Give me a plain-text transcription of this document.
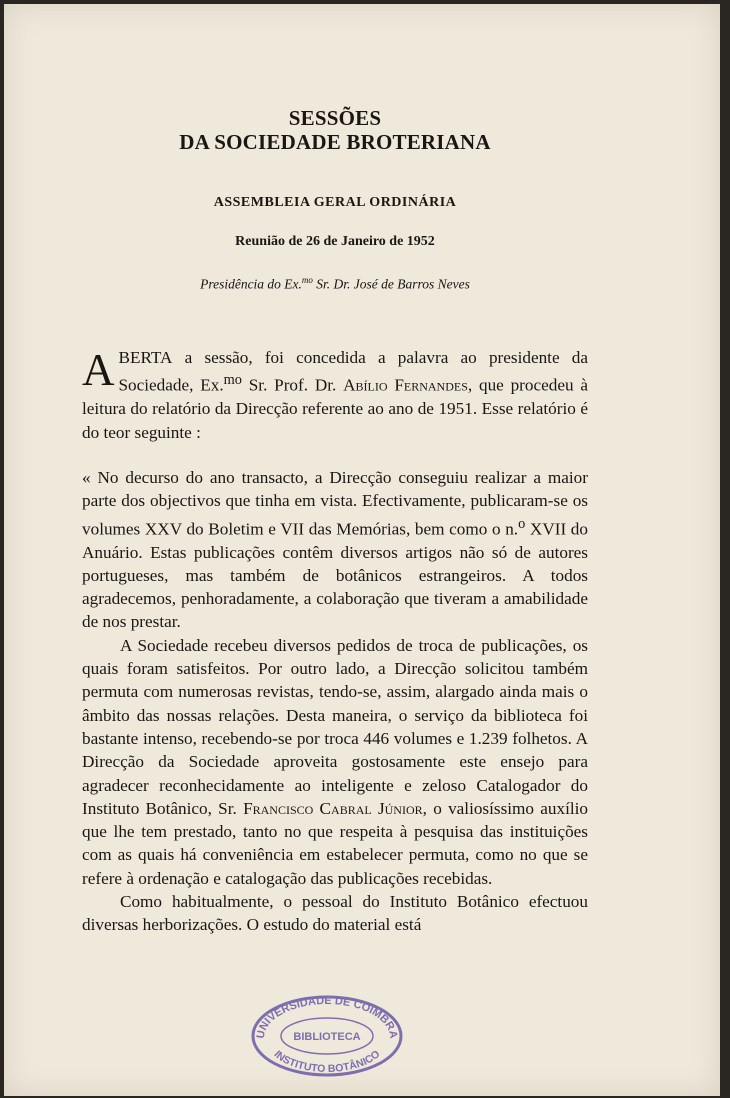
SESSÕES
DA SOCIEDADE BROTERIANA
ASSEMBLEIA GERAL ORDINÁRIA
Reunião de 26 de Janeiro de 1952
Presidência do Ex.$^{mo}$ Sr. Dr. José de Barros Neves

ABERTA a sessão, foi concedida a palavra ao presidente da Sociedade, Ex.$^{mo}$ Sr. Prof. Dr. Abílio Fernandes, que procedeu à leitura do relatório da Direcção referente ao ano de 1951. Esse relatório é do teor seguinte :

« No decurso do ano transacto, a Direcção conseguiu realizar a maior parte dos objectivos que tinha em vista. Efectivamente, publicaram-se os volumes XXV do Boletim e VII das Memórias, bem como o n.$^o$ XVII do Anuário. Estas publicações contêm diversos artigos não só de autores portugueses, mas também de botânicos estrangeiros. A todos agradecemos, penhoradamente, a colaboração que tiveram a amabilidade de nos prestar.

A Sociedade recebeu diversos pedidos de troca de publicações, os quais foram satisfeitos. Por outro lado, a Direcção solicitou também permuta com numerosas revistas, tendo-se, assim, alargado ainda mais o âmbito das nossas relações. Desta maneira, o serviço da biblioteca foi bastante intenso, recebendo-se por troca 446 volumes e 1.239 folhetos. A Direcção da Sociedade aproveita gostosamente este ensejo para agradecer reconhecidamente ao inteligente e zeloso Catalogador do Instituto Botânico, Sr. Francisco Cabral Júnior, o valiosíssimo auxílio que lhe tem prestado, tanto no que respeita à pesquisa das instituições com as quais há conveniência em estabelecer permuta, como no que se refere à ordenação e catalogação das publicações recebidas.

Como habitualmente, o pessoal do Instituto Botânico efectuou diversas herborizações. O estudo do material está

UNIVERSIDADE DE COIMBRA
BIBLIOTECA
INSTITUTO BOTÂNICO
